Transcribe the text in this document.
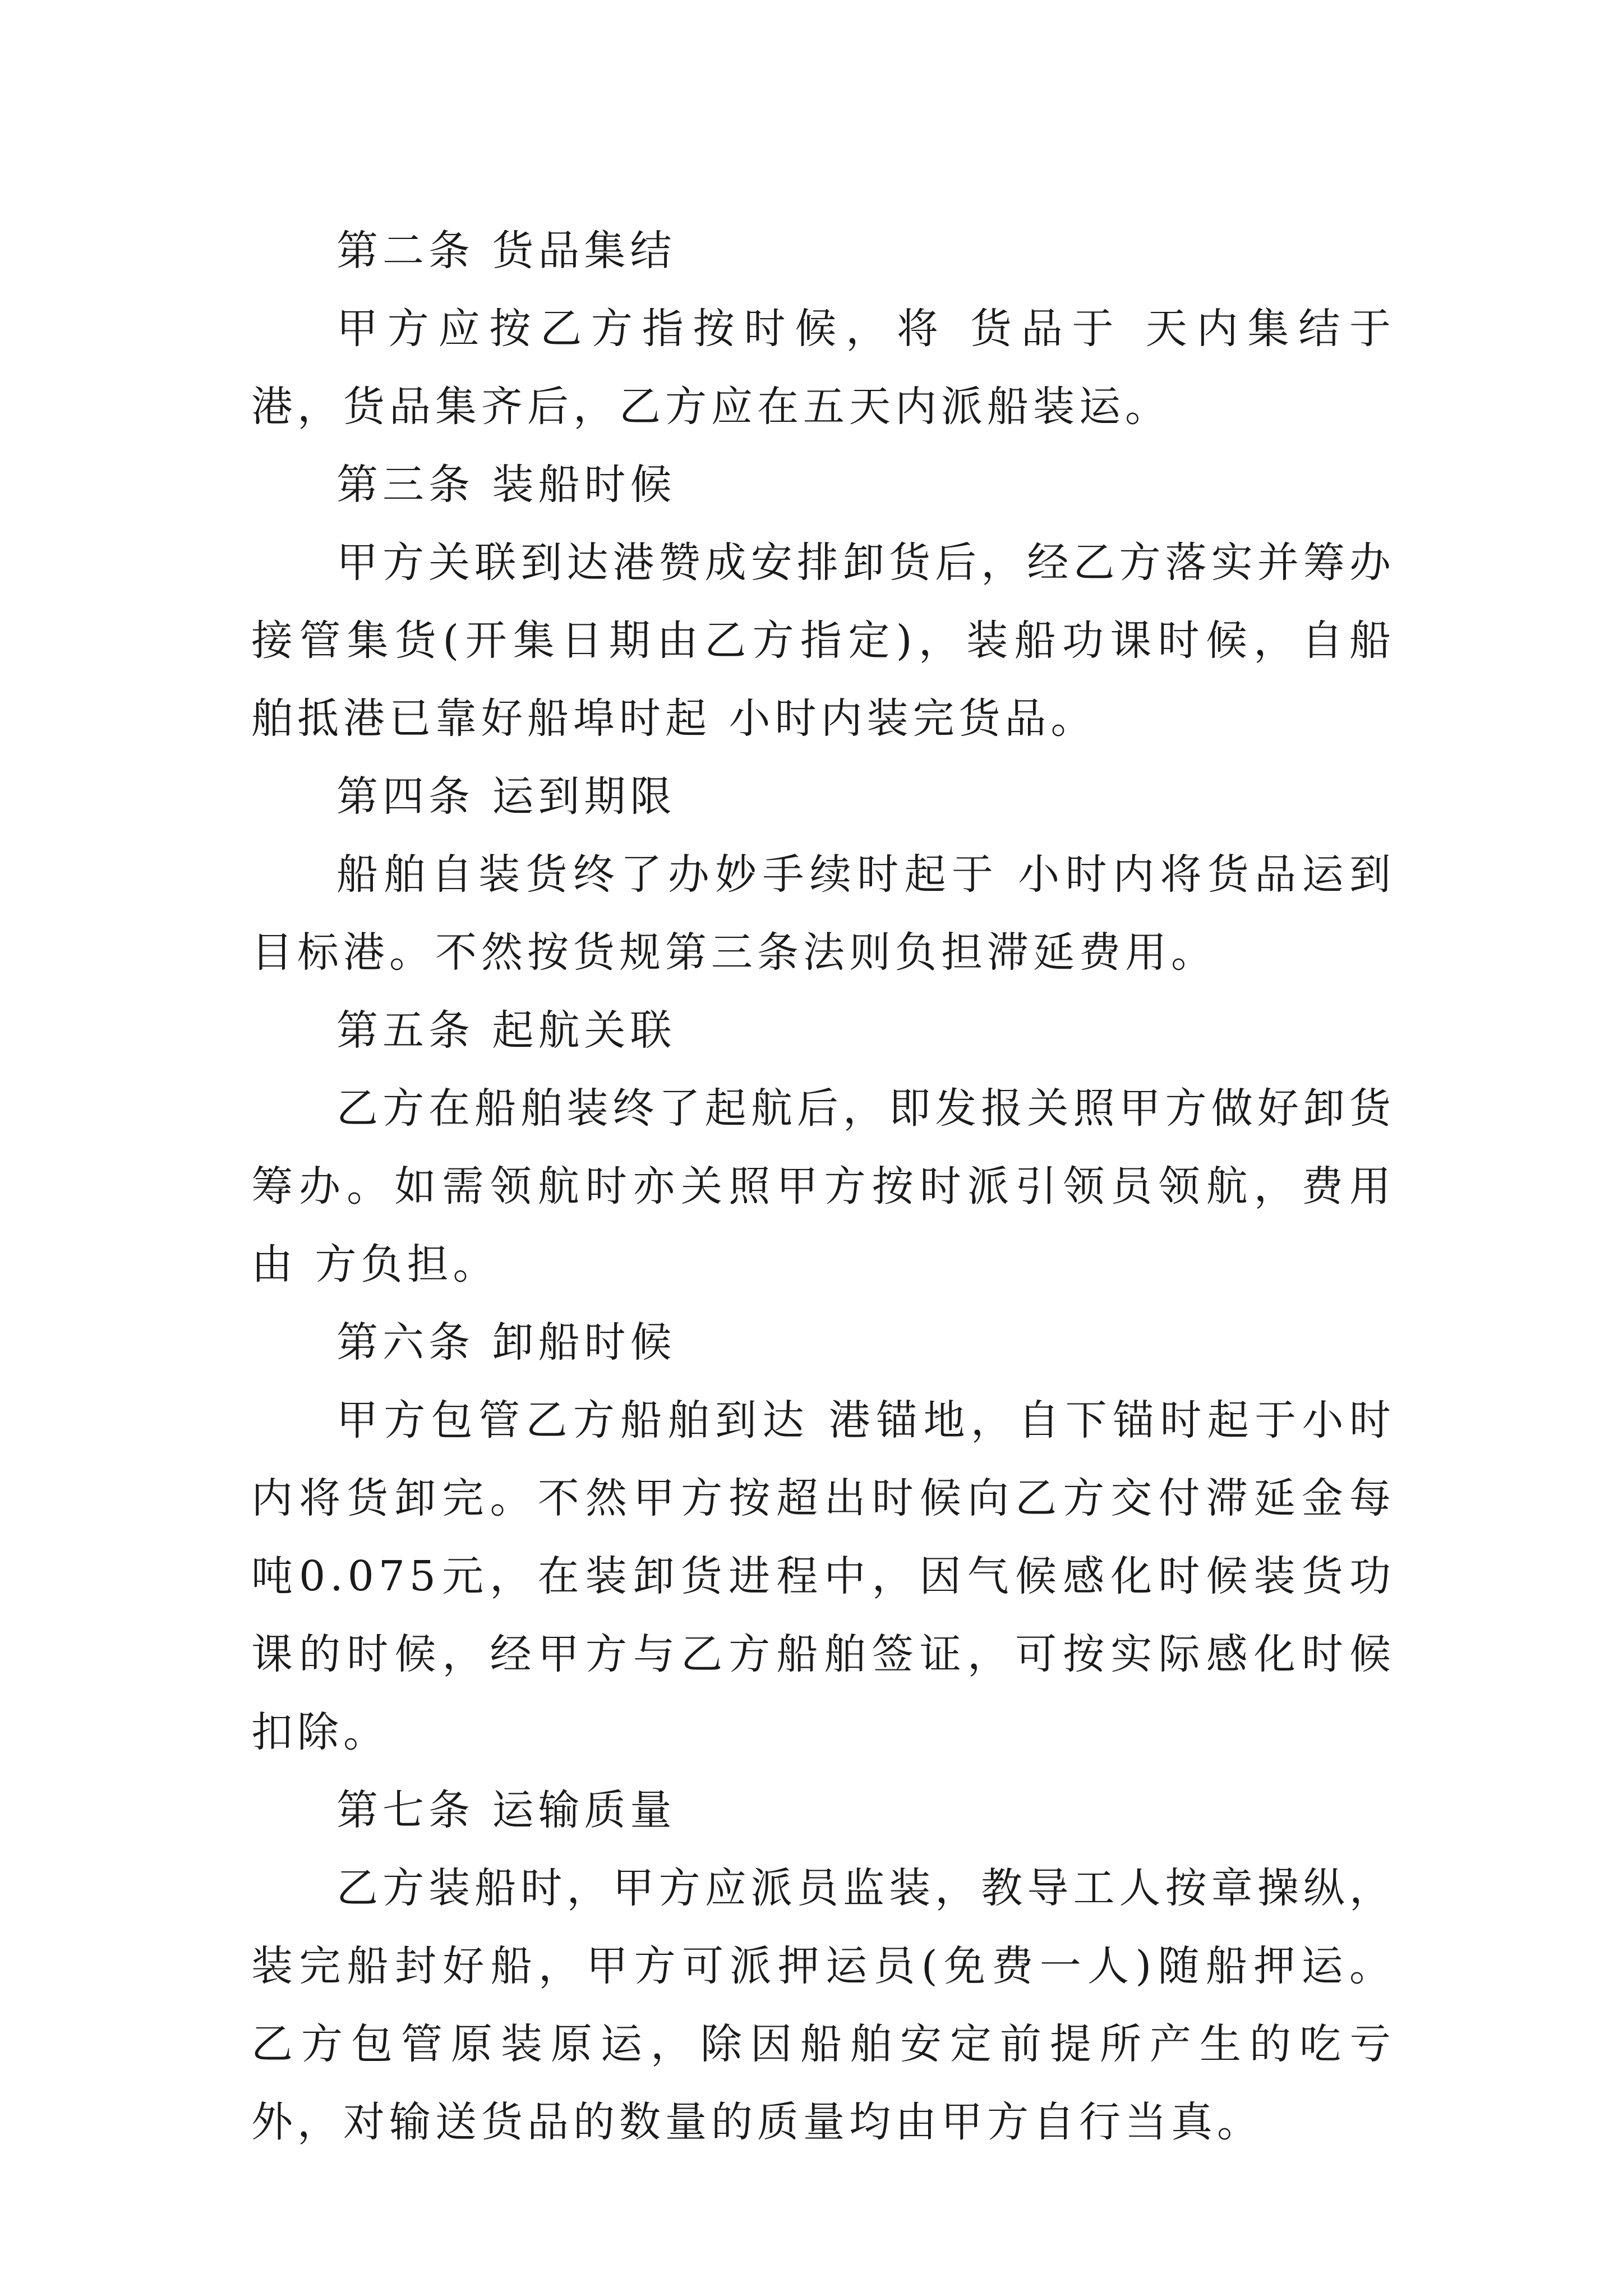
第二条 货品集结

甲方应按乙方指按时候，将 货品于 天内集结于 港，货品集齐后，乙方应在五天内派船装运。

第三条 装船时候

甲方关联到达港赞成安排卸货后，经乙方落实并筹办接管集货(开集日期由乙方指定)，装船功课时候，自船舶抵港已靠好船埠时起 小时内装完货品。

第四条 运到期限

船舶自装货终了办妙手续时起于 小时内将货品运到目标港。不然按货规第三条法则负担滞延费用。

第五条 起航关联

乙方在船舶装终了起航后，即发报关照甲方做好卸货筹办。如需领航时亦关照甲方按时派引领员领航，费用由 方负担。

第六条 卸船时候

甲方包管乙方船舶到达 港锚地，自下锚时起于小时内将货卸完。不然甲方按超出时候向乙方交付滞延金每吨0.075元，在装卸货进程中，因气候感化时候装货功课的时候，经甲方与乙方船舶签证，可按实际感化时候扣除。

第七条 运输质量

乙方装船时，甲方应派员监装，教导工人按章操纵，装完船封好船，甲方可派押运员(免费一人)随船押运。乙方包管原装原运，除因船舶安定前提所产生的吃亏外，对输送货品的数量的质量均由甲方自行当真。
